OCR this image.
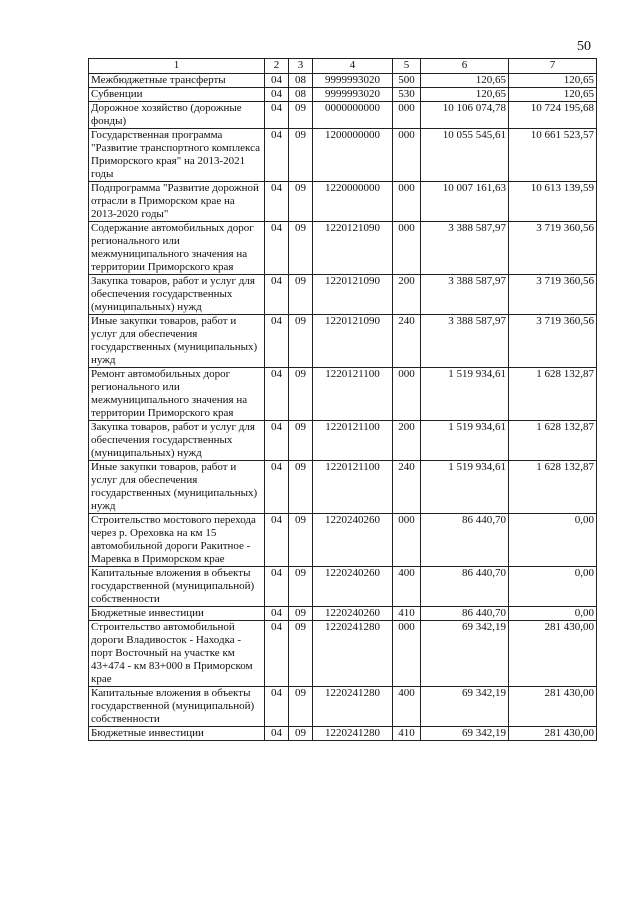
50
1	2	3	4	5	6	7
Межбюджетные трансферты	04	08	9999993020	500	120,65	120,65
Субвенции	04	08	9999993020	530	120,65	120,65
Дорожное хозяйство (дорожные фонды)	04	09	0000000000	000	10 106 074,78	10 724 195,68
Государственная программа "Развитие транспортного комплекса Приморского края" на 2013-2021 годы	04	09	1200000000	000	10 055 545,61	10 661 523,57
Подпрограмма "Развитие дорожной отрасли в Приморском крае на 2013-2020 годы"	04	09	1220000000	000	10 007 161,63	10 613 139,59
Содержание автомобильных дорог регионального или межмуниципального значения на территории Приморского края	04	09	1220121090	000	3 388 587,97	3 719 360,56
Закупка товаров, работ и услуг для обеспечения государственных (муниципальных) нужд	04	09	1220121090	200	3 388 587,97	3 719 360,56
Иные закупки товаров, работ и услуг для обеспечения государственных (муниципальных) нужд	04	09	1220121090	240	3 388 587,97	3 719 360,56
Ремонт автомобильных дорог регионального или межмуниципального значения на территории Приморского края	04	09	1220121100	000	1 519 934,61	1 628 132,87
Закупка товаров, работ и услуг для обеспечения государственных (муниципальных) нужд	04	09	1220121100	200	1 519 934,61	1 628 132,87
Иные закупки товаров, работ и услуг для обеспечения государственных (муниципальных) нужд	04	09	1220121100	240	1 519 934,61	1 628 132,87
Строительство мостового перехода через р. Ореховка на км 15 автомобильной дороги Ракитное - Маревка в Приморском крае	04	09	1220240260	000	86 440,70	0,00
Капитальные вложения в объекты государственной (муниципальной) собственности	04	09	1220240260	400	86 440,70	0,00
Бюджетные инвестиции	04	09	1220240260	410	86 440,70	0,00
Строительство автомобильной дороги Владивосток - Находка - порт Восточный на участке км 43+474 - км 83+000 в Приморском крае	04	09	1220241280	000	69 342,19	281 430,00
Капитальные вложения в объекты государственной (муниципальной) собственности	04	09	1220241280	400	69 342,19	281 430,00
Бюджетные инвестиции	04	09	1220241280	410	69 342,19	281 430,00
